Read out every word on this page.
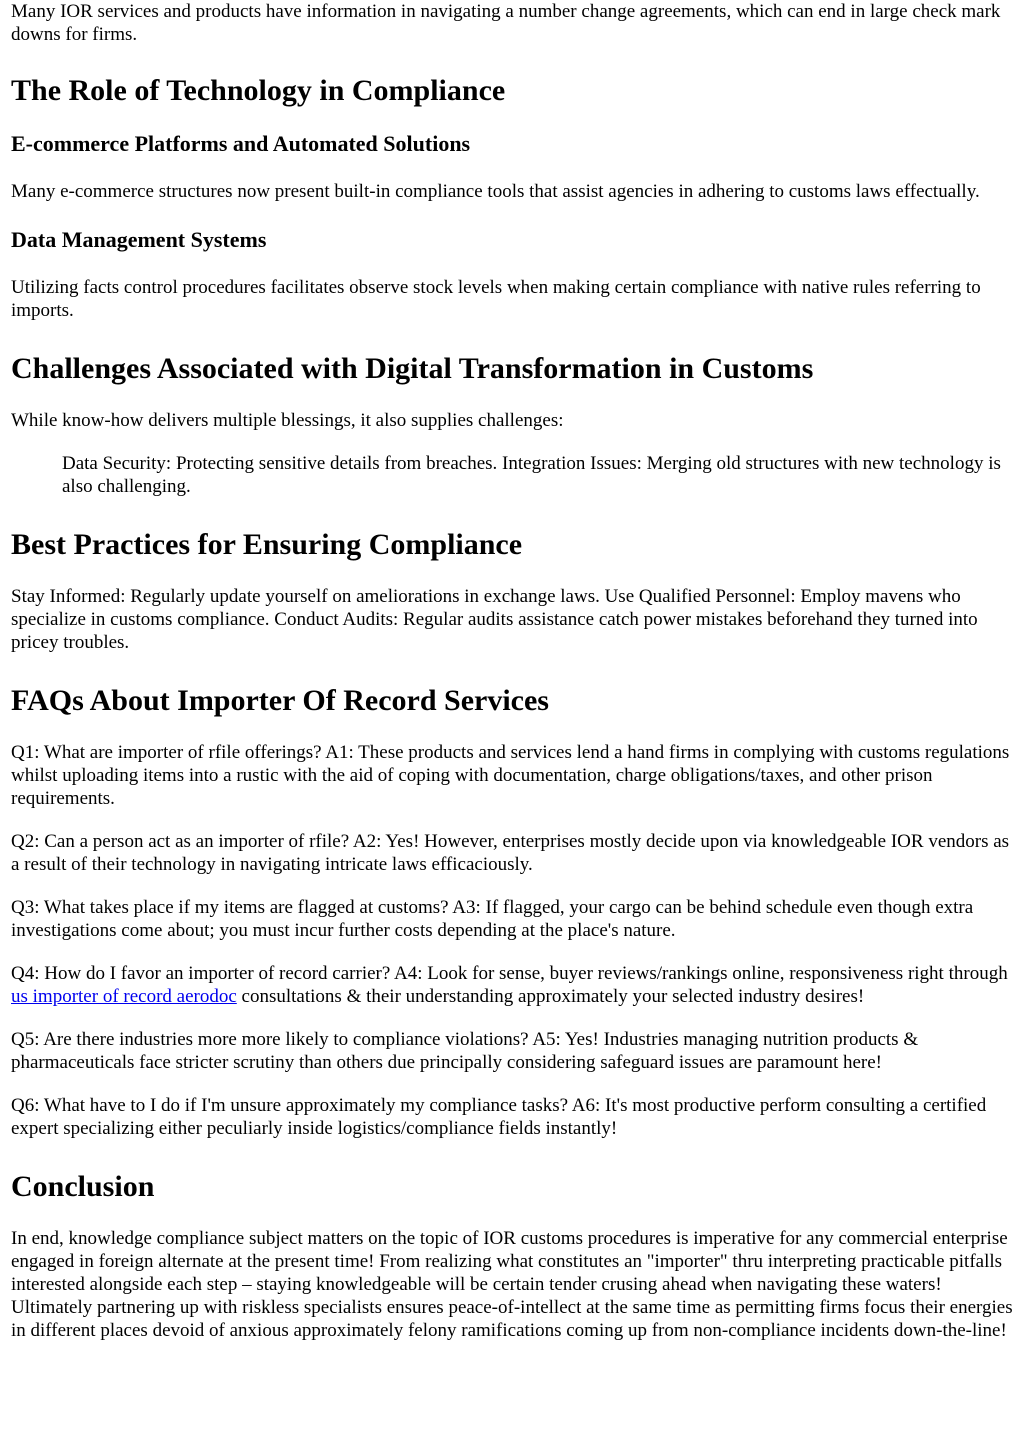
Many IOR services and products have information in navigating a number change agreements, which can end in large check mark downs for firms.

The Role of Technology in Compliance
E-commerce Platforms and Automated Solutions

Many e-commerce structures now present built-in compliance tools that assist agencies in adhering to customs laws effectually.

Data Management Systems

Utilizing facts control procedures facilitates observe stock levels when making certain compliance with native rules referring to imports.

Challenges Associated with Digital Transformation in Customs

While know-how delivers multiple blessings, it also supplies challenges:

Data Security: Protecting sensitive details from breaches. Integration Issues: Merging old structures with new technology is also challenging.
Best Practices for Ensuring Compliance

Stay Informed: Regularly update yourself on ameliorations in exchange laws. Use Qualified Personnel: Employ mavens who specialize in customs compliance. Conduct Audits: Regular audits assistance catch power mistakes beforehand they turned into pricey troubles.

FAQs About Importer Of Record Services

Q1: What are importer of rfile offerings? A1: These products and services lend a hand firms in complying with customs regulations whilst uploading items into a rustic with the aid of coping with documentation, charge obligations/taxes, and other prison requirements.

Q2: Can a person act as an importer of rfile? A2: Yes! However, enterprises mostly decide upon via knowledgeable IOR vendors as a result of their technology in navigating intricate laws efficaciously.

Q3: What takes place if my items are flagged at customs? A3: If flagged, your cargo can be behind schedule even though extra investigations come about; you must incur further costs depending at the place's nature.

Q4: How do I favor an importer of record carrier? A4: Look for sense, buyer reviews/rankings online, responsiveness right through us importer of record aerodoc consultations & their understanding approximately your selected industry desires!

Q5: Are there industries more more likely to compliance violations? A5: Yes! Industries managing nutrition products & pharmaceuticals face stricter scrutiny than others due principally considering safeguard issues are paramount here!

Q6: What have to I do if I'm unsure approximately my compliance tasks? A6: It's most productive perform consulting a certified expert specializing either peculiarly inside logistics/compliance fields instantly!

Conclusion

In end, knowledge compliance subject matters on the topic of IOR customs procedures is imperative for any commercial enterprise engaged in foreign alternate at the present time! From realizing what constitutes an "importer" thru interpreting practicable pitfalls interested alongside each step – staying knowledgeable will be certain tender crusing ahead when navigating these waters! Ultimately partnering up with riskless specialists ensures peace-of-intellect at the same time as permitting firms focus their energies in different places devoid of anxious approximately felony ramifications coming up from non-compliance incidents down-the-line!
